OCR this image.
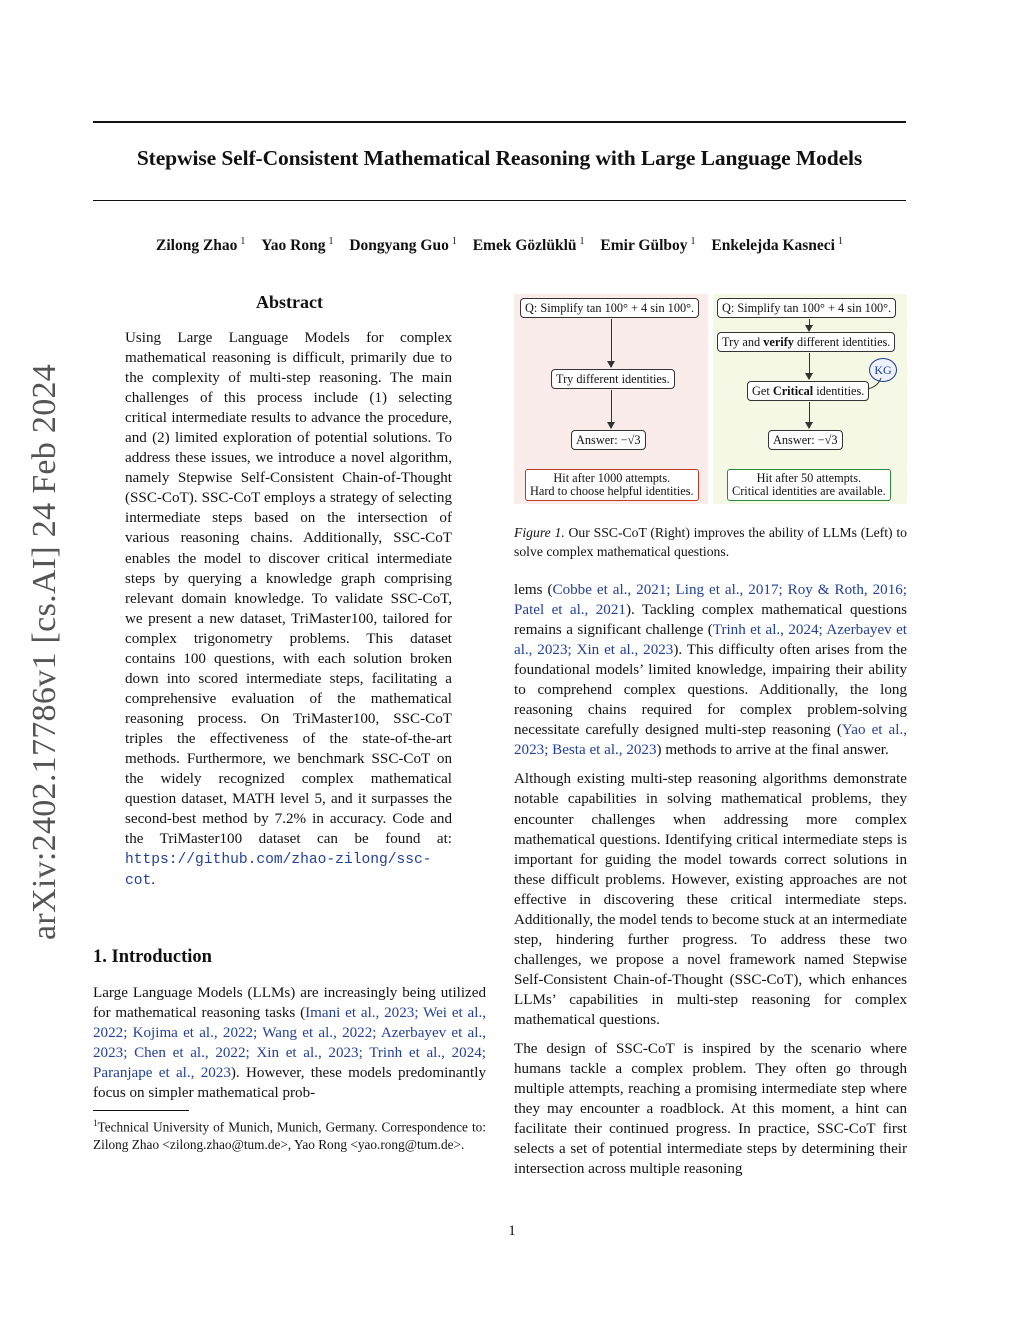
Stepwise Self-Consistent Mathematical Reasoning with Large Language Models
Zilong Zhao $^1$ Yao Rong $^1$ Dongyang Guo $^1$ Emek Gözlüklü $^1$ Emir Gülboy $^1$ Enkelejda Kasneci $^1$
arXiv:2402.17786v1 [cs.AI] 24 Feb 2024
Abstract
Using Large Language Models for complex mathematical reasoning is difficult, primarily due to the complexity of multi-step reasoning. The main challenges of this process include (1) selecting critical intermediate results to advance the procedure, and (2) limited exploration of potential solutions. To address these issues, we introduce a novel algorithm, namely Stepwise Self-Consistent Chain-of-Thought (SSC-CoT). SSC-CoT employs a strategy of selecting intermediate steps based on the intersection of various reasoning chains. Additionally, SSC-CoT enables the model to discover critical intermediate steps by querying a knowledge graph comprising relevant domain knowledge. To validate SSC-CoT, we present a new dataset, TriMaster100, tailored for complex trigonometry problems. This dataset contains 100 questions, with each solution broken down into scored intermediate steps, facilitating a comprehensive evaluation of the mathematical reasoning process. On TriMaster100, SSC-CoT triples the effectiveness of the state-of-the-art methods. Furthermore, we benchmark SSC-CoT on the widely recognized complex mathematical question dataset, MATH level 5, and it surpasses the second-best method by 7.2% in accuracy. Code and the TriMaster100 dataset can be found at: https://github.com/zhao-zilong/ssc-cot.
1. Introduction
Large Language Models (LLMs) are increasingly being utilized for mathematical reasoning tasks (Imani et al., 2023; Wei et al., 2022; Kojima et al., 2022; Wang et al., 2022; Azerbayev et al., 2023; Chen et al., 2022; Xin et al., 2023; Trinh et al., 2024; Paranjape et al., 2023). However, these models predominantly focus on simpler mathematical prob-
$^1$Technical University of Munich, Munich, Germany. Correspondence to: Zilong Zhao <zilong.zhao@tum.de>, Yao Rong <yao.rong@tum.de>.
Q: Simplify tan 100° + 4 sin 100°.
Try different identities.
Answer: −√3
Hit after 1000 attempts.
Hard to choose helpful identities.
Q: Simplify tan 100° + 4 sin 100°.
Try and verify different identities.
KG
Get Critical identities.
Answer: −√3
Hit after 50 attempts.
Critical identities are available.
Figure 1. Our SSC-CoT (Right) improves the ability of LLMs (Left) to solve complex mathematical questions.

lems (Cobbe et al., 2021; Ling et al., 2017; Roy & Roth, 2016; Patel et al., 2021). Tackling complex mathematical questions remains a significant challenge (Trinh et al., 2024; Azerbayev et al., 2023; Xin et al., 2023). This difficulty often arises from the foundational models’ limited knowledge, impairing their ability to comprehend complex questions. Additionally, the long reasoning chains required for complex problem-solving necessitate carefully designed multi-step reasoning (Yao et al., 2023; Besta et al., 2023) methods to arrive at the final answer.

Although existing multi-step reasoning algorithms demonstrate notable capabilities in solving mathematical problems, they encounter challenges when addressing more complex mathematical questions. Identifying critical intermediate steps is important for guiding the model towards correct solutions in these difficult problems. However, existing approaches are not effective in discovering these critical intermediate steps. Additionally, the model tends to become stuck at an intermediate step, hindering further progress. To address these two challenges, we propose a novel framework named Stepwise Self-Consistent Chain-of-Thought (SSC-CoT), which enhances LLMs’ capabilities in multi-step reasoning for complex mathematical questions.

The design of SSC-CoT is inspired by the scenario where humans tackle a complex problem. They often go through multiple attempts, reaching a promising intermediate step where they may encounter a roadblock. At this moment, a hint can facilitate their continued progress. In practice, SSC-CoT first selects a set of potential intermediate steps by determining their intersection across multiple reasoning

1
